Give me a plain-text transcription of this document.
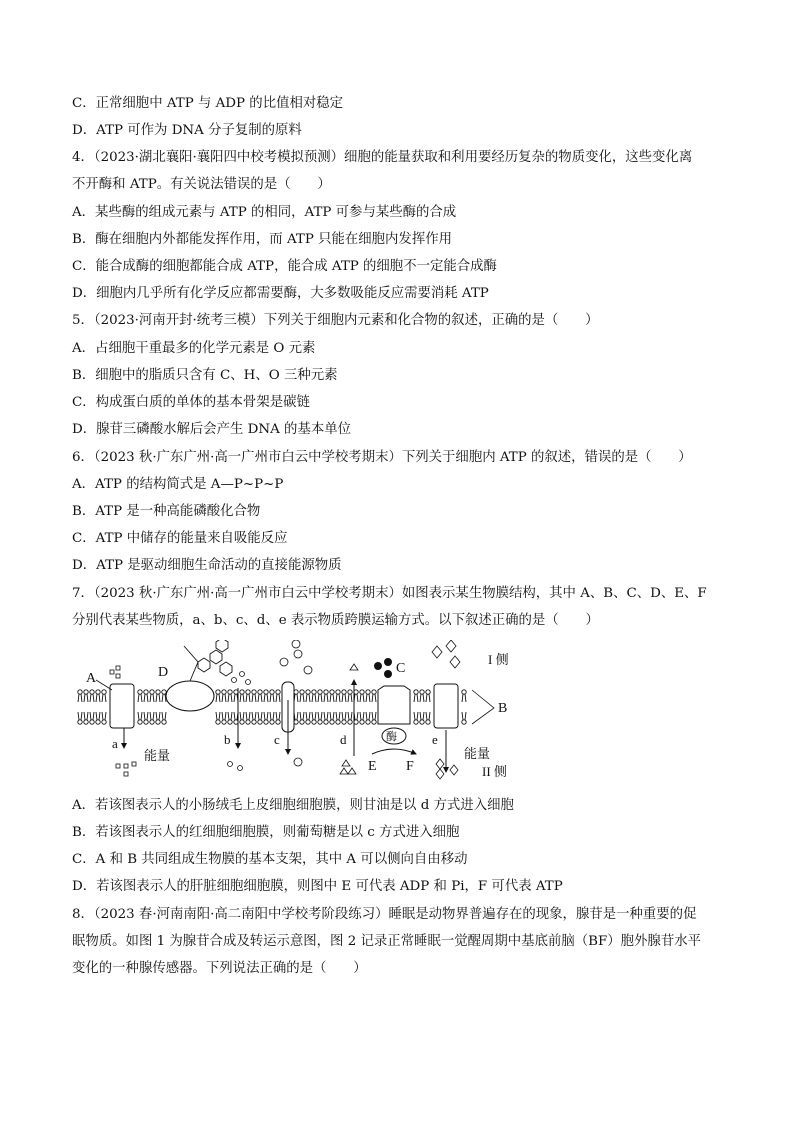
C．正常细胞中 ATP 与 ADP 的比值相对稳定
D．ATP 可作为 DNA 分子复制的原料
4．（2023·湖北襄阳·襄阳四中校考模拟预测）细胞的能量获取和利用要经历复杂的物质变化，这些变化离
不开酶和 ATP。有关说法错误的是（　　）
A．某些酶的组成元素与 ATP 的相同，ATP 可参与某些酶的合成
B．酶在细胞内外都能发挥作用，而 ATP 只能在细胞内发挥作用
C．能合成酶的细胞都能合成 ATP，能合成 ATP 的细胞不一定能合成酶
D．细胞内几乎所有化学反应都需要酶，大多数吸能反应需要消耗 ATP
5．（2023·河南开封·统考三模）下列关于细胞内元素和化合物的叙述，正确的是（　　）
A．占细胞干重最多的化学元素是 O 元素
B．细胞中的脂质只含有 C、H、O 三种元素
C．构成蛋白质的单体的基本骨架是碳链
D．腺苷三磷酸水解后会产生 DNA 的基本单位
6．（2023 秋·广东广州·高一广州市白云中学校考期末）下列关于细胞内 ATP 的叙述，错误的是（　　）
A．ATP 的结构简式是 A—P~P~P
B．ATP 是一种高能磷酸化合物
C．ATP 中储存的能量来自吸能反应
D．ATP 是驱动细胞生命活动的直接能源物质
7．（2023 秋·广东广州·高一广州市白云中学校考期末）如图表示某生物膜结构，其中 A、B、C、D、E、F
分别代表某些物质，a、b、c、d、e 表示物质跨膜运输方式。以下叙述正确的是（　　）
D
A
a
能量
b	c	d
C
酶
E F
e
能量
I 侧
II 侧
B
A．若该图表示人的小肠绒毛上皮细胞细胞膜，则甘油是以 d 方式进入细胞
B．若该图表示人的红细胞细胞膜，则葡萄糖是以 c 方式进入细胞
C．A 和 B 共同组成生物膜的基本支架，其中 A 可以侧向自由移动
D．若该图表示人的肝脏细胞细胞膜，则图中 E 可代表 ADP 和 Pi，F 可代表 ATP
8．（2023 春·河南南阳·高二南阳中学校考阶段练习）睡眠是动物界普遍存在的现象，腺苷是一种重要的促
眠物质。如图 1 为腺苷合成及转运示意图，图 2 记录正常睡眠一觉醒周期中基底前脑（BF）胞外腺苷水平
变化的一种腺传感器。下列说法正确的是（　　）
